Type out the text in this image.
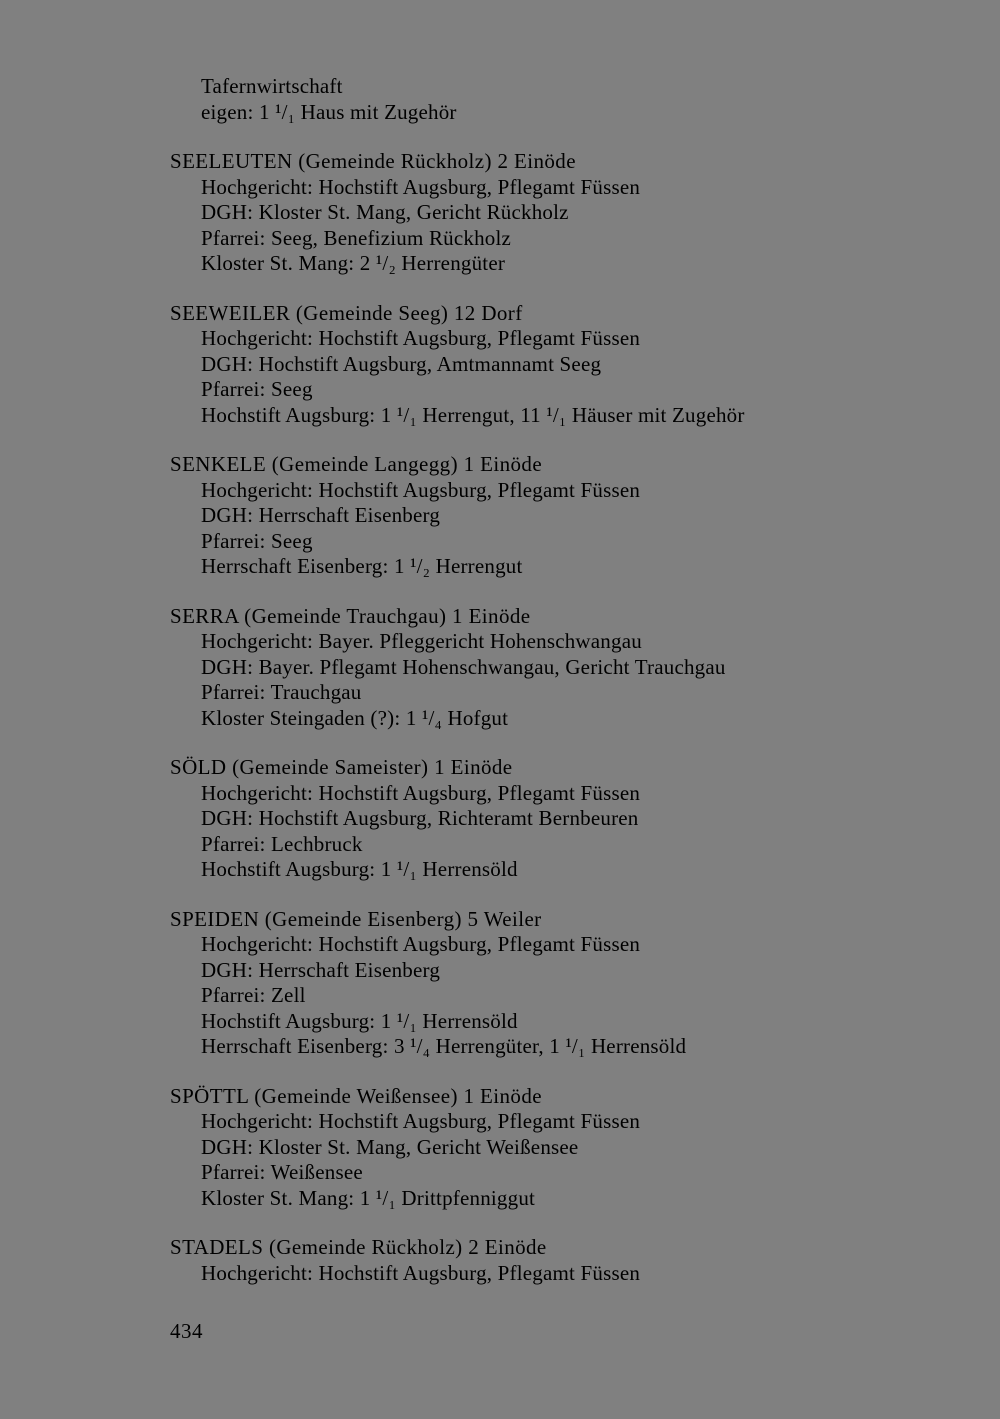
Tafernwirtschaft
eigen: 1 ¹/₁ Haus mit Zugehör
SEELEUTEN (Gemeinde Rückholz) 2 Einöde
Hochgericht: Hochstift Augsburg, Pflegamt Füssen
DGH: Kloster St. Mang, Gericht Rückholz
Pfarrei: Seeg, Benefizium Rückholz
Kloster St. Mang: 2 ¹/₂ Herrengüter
SEEWEILER (Gemeinde Seeg) 12 Dorf
Hochgericht: Hochstift Augsburg, Pflegamt Füssen
DGH: Hochstift Augsburg, Amtmannamt Seeg
Pfarrei: Seeg
Hochstift Augsburg: 1 ¹/₁ Herrengut, 11 ¹/₁ Häuser mit Zugehör
SENKELE (Gemeinde Langegg) 1 Einöde
Hochgericht: Hochstift Augsburg, Pflegamt Füssen
DGH: Herrschaft Eisenberg
Pfarrei: Seeg
Herrschaft Eisenberg: 1 ¹/₂ Herrengut
SERRA (Gemeinde Trauchgau) 1 Einöde
Hochgericht: Bayer. Pfleggericht Hohenschwangau
DGH: Bayer. Pflegamt Hohenschwangau, Gericht Trauchgau
Pfarrei: Trauchgau
Kloster Steingaden (?): 1 ¹/₄ Hofgut
SÖLD (Gemeinde Sameister) 1 Einöde
Hochgericht: Hochstift Augsburg, Pflegamt Füssen
DGH: Hochstift Augsburg, Richteramt Bernbeuren
Pfarrei: Lechbruck
Hochstift Augsburg: 1 ¹/₁ Herrensöld
SPEIDEN (Gemeinde Eisenberg) 5 Weiler
Hochgericht: Hochstift Augsburg, Pflegamt Füssen
DGH: Herrschaft Eisenberg
Pfarrei: Zell
Hochstift Augsburg: 1 ¹/₁ Herrensöld
Herrschaft Eisenberg: 3 ¹/₄ Herrengüter, 1 ¹/₁ Herrensöld
SPÖTTL (Gemeinde Weißensee) 1 Einöde
Hochgericht: Hochstift Augsburg, Pflegamt Füssen
DGH: Kloster St. Mang, Gericht Weißensee
Pfarrei: Weißensee
Kloster St. Mang: 1 ¹/₁ Drittpfenniggut
STADELS (Gemeinde Rückholz) 2 Einöde
Hochgericht: Hochstift Augsburg, Pflegamt Füssen
434
